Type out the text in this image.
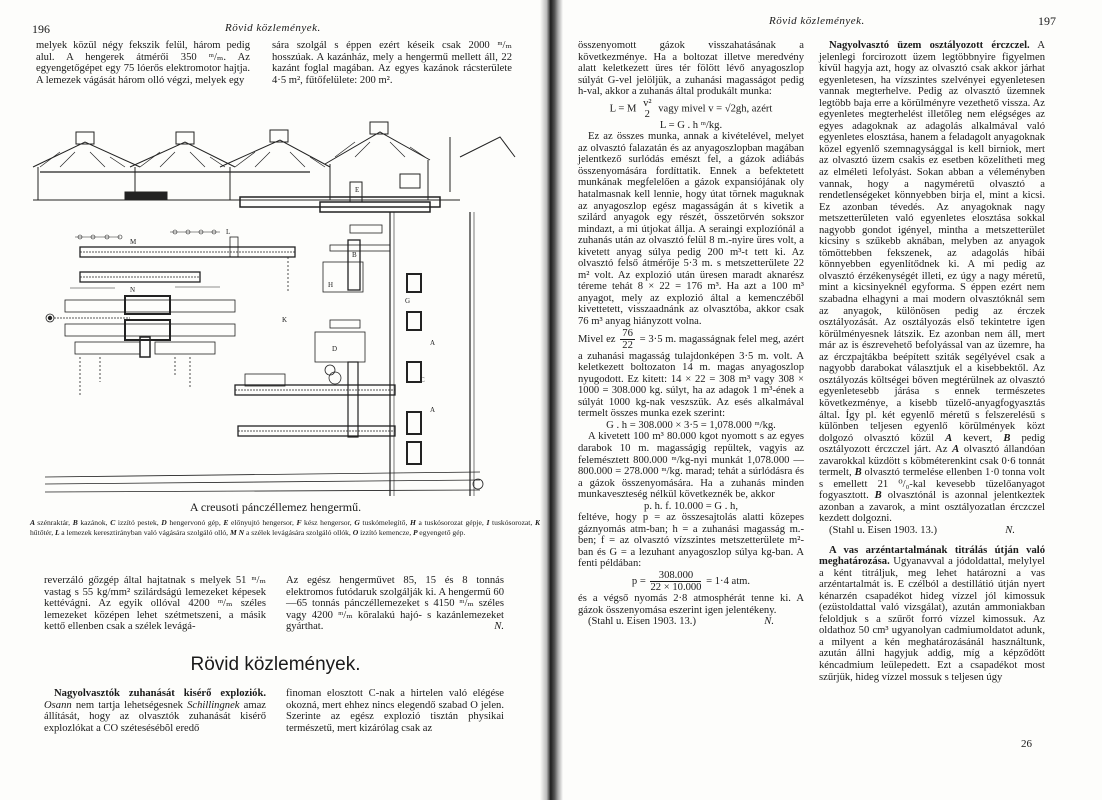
196	Rövid közlemények.

melyek közül négy fekszik felül, három pedig alul. A hengerek átmérői 350 ᵐ/ₘ. Az egyengetőgépet egy 75 lóerős elektromotor hajtja. A lemezek vágását három olló végzi, melyek egy

sára szolgál s éppen ezért késeik csak 2000 ᵐ/ₘ hosszúak. A kazánház, mely a hengermű mellett áll, 22 kazánt foglal magában. Az egyes kazánok rácsterülete 4·5 m², fűtőfelülete: 200 m².

K
D
B
H
G
A
A
M
N
L
E
C
A creusoti pánczéllemez hengermű.
A szénraktár, B kazánok, C izzító pestek, D hengervonó gép, E előnyujtó hengersor, F kész hengersor, G tuskómelegítő, H a tuskósorozat gépje, I tuskósorozat, K hűtőtér, L a lemezek keresztirányban való vágására szolgáló olló, M N a szélek levágására szolgáló ollók, O izzító kemencze, P egyengető gép.

reverzáló gőzgép által hajtatnak s melyek 51 ᵐ/ₘ vastag s 55 kg/mm² szilárdságú lemezeket képesek kettévágni. Az egyik ollóval 4200 ᵐ/ₘ széles lemezeket középen lehet szétmetszeni, a másik kettő ellenben csak a szélek levágá-

Az egész hengerművet 85, 15 és 8 tonnás elektromos futódaruk szolgálják ki. A hengermű 60—65 tonnás pánczéllemezeket s 4150 ᵐ/ₘ széles vagy 4200 ᵐ/ₘ köralakú hajó- s kazánlemezeket gyárthat.	N.

Rövid közlemények.

Nagyolvasztók zuhanását kisérő exploziók. Osann nem tartja lehetségesnek Schillingnek amaz állítását, hogy az olvasztók zuhanását kisérő explozlókat a CO szétesésébõl eredő

finoman elosztott C-nak a hirtelen való elégése okozná, mert ehhez nincs elegendő szabad O jelen. Szerinte az egész explozió tisztán physikai természetű, mert kizárólag csak az

Rövid közlemények.	197

összenyomott gázok visszahatásának a következménye. Ha a boltozat illetve meredvény alatt keletkezett üres tér fölött lévő anyagoszlop súlyát G-vel jelöljük, a zuhanási magasságot pedig h-val, akkor a zuhanás által produkált munka:

L = M v²
2
vagy mivel v = √2gh, azért

L = G . h ᵐ/kg.

Ez az összes munka, annak a kivételével, melyet az olvasztó falazatán és az anyagoszlopban magában jelentkező surlódás emészt fel, a gázok adiábás összenyomására fordíttatik. Ennek a befektetett munkának megfelelően a gázok expansiójának oly hatalmasnak kell lennie, hogy útat törnek maguknak az anyagoszlop egész magasságán át s kivetik a szilárd anyagok egy részét, összetörvén sokszor mindazt, a mi útjokat állja. A seraingi explozíónál a zuhanás után az olvasztó felül 8 m.-nyire üres volt, a kivetett anyag súlya pedig 200 m³-t tett ki. Az olvasztó felső átmérője 5·3 m. s metszetterülete 22 m² volt. Az explozió után üresen maradt aknarész téreme tehát 8 × 22 = 176 m³. Ha azt a 100 m³ anyagot, mely az explozió által a kemenczéből kivettetett, visszaadnánk az olvasztóba, akkor csak 76 m³ anyag hiányzott volna.

Mivel ez $\frac{76}{22} = 3\cdot 5$ m. magasságnak felel meg, azért a zuhanási magasság tulajdonképen 3·5 m. volt. A keletkezett boltozaton 14 m. magas anyagoszlop nyugodott. Ez kitett: 14 × 22 = 308 m³ vagy 308 × 1000 = 308.000 kg. súlyt, ha az adagok 1 m³-ének a súlyát 1000 kg-nak veszszük. Az esés alkalmával termelt összes munka ezek szerint:

G . h = 308.000 × 3·5 = 1,078.000 ᵐ/kg.

A kivetett 100 m³ 80.000 kgot nyomott s az egyes darabok 10 m. magasságig repültek, vagyis az felemésztett 800.000 ᵐ/kg-nyi munkát 1,078.000 — 800.000 = 278.000 ᵐ/kg. marad; tehát a súrlódásra és a gázok összenyomására. Ha a zuhanás minden munkaveszteség nélkül következnék be, akkor

p. h. f. 10.000 = G . h,

feltéve, hogy p = az összesajtolás alatti közepes gáznyomás atm-ban; h = a zuhanási magasság m.-ben; f = az olvasztó vízszintes metszetterülete m²-ban és G = a lezuhant anyagoszlop súlya kg-ban. A fenti példában:

$p = \frac{308.000}{22 \times 10.000} = 1\cdot 4$ atm.

és a végső nyomás 2·8 atmosphérát tenne ki. A gázok összenyomása eszerint igen jelentékeny.

(Stahl u. Eisen 1903. 13.)	N.

Nagyolvasztó üzem osztályozott érczczel. A jelenlegi forcirozott üzem legtöbbnyire figyelmen kívül hagyja azt, hogy az olvasztó csak akkor járhat egyenletesen, ha vízszintes szelvényei egyenletesen vannak megterhelve. Pedig az olvasztó üzemnek legtöbb baja erre a körülményre vezethető vissza. Az egyenletes megterhelést illetőleg nem elégséges az egyes adagoknak az adagolás alkalmával való egyenletes elosztása, hanem a feladagolt anyagoknak közel egyenlő szemnagysággal is kell birniok, mert az olvasztó üzem csakis ez esetben közelítheti meg az elméleti lefolyást. Sokan abban a véleményben vannak, hogy a nagyméretű olvasztó a rendetlenségeket könnyebben birja el, mint a kicsi. Ez azonban tévedés. Az anyagoknak nagy metszetterületen való egyenletes elosztása sokkal nagyobb gondot igényel, mintha a metszetterület kicsiny s szűkebb aknában, melyben az anyagok tömöttebben fekszenek, az adagolás hibái könnyebben egyenlítődnek ki. A mi pedig az olvasztó érzékenységét illeti, ez úgy a nagy méretű, mint a kicsinyeknél egyforma. S éppen ezért nem szabadna elhagyni a mai modern olvasztóknál sem az anyagok, különösen pedig az érczek osztályozását. Az osztályozás első tekintetre igen körülményesnek látszik. Ez azonban nem áll, mert már az is észrevehető befolyással van az üzemre, ha az érczpajtákba beépített sziták segélyével csak a nagyobb darabokat választjuk el a kisebbektől. Az osztályozás költségei bőven megtérülnek az olvasztó egyenletesebb járása s ennek természetes következménye, a kisebb tüzelő-anyagfogyasztás által. Így pl. két egyenlő méretű s felszerelésű s különben teljesen egyenlő körülmények közt dolgozó olvasztó közül A kevert, B pedig osztályozott érczczel járt. Az A olvasztó állandóan zavarokkal küzdött s köbméterenkint csak 0·6 tonnát termelt, B olvasztó termelése ellenben 1·0 tonna volt s emellett 21 ⁰/₀-kal kevesebb tüzelőanyagot fogyasztott. B olvasztónál is azonnal jelentkeztek azonban a zavarok, a mint osztályozatlan érczczel kezdett dolgozni.

(Stahl u. Eisen 1903. 13.)	N.

A vas arzéntartalmának titrálás útján való meghatározása. Ugyanavval a jódoldattal, melylyel a ként titráljuk, meg lehet határozni a vas arzéntartalmát is. E czélból a destillátió útján nyert kénarzén csapadékot hideg vízzel jól kimossuk (ezüstoldattal való vizsgálat), azután ammoniakban feloldjuk s a szűrőt forró vízzel kimossuk. Az oldathoz 50 cm³ ugyanolyan cadmiumoldatot adunk, a milyent a kén meghatározásánál használtunk, azután állni hagyjuk addig, míg a képződött kéncadmium leülepedett. Ezt a csapadékot most szűrjük, hideg vízzel mossuk s teljesen úgy

26
